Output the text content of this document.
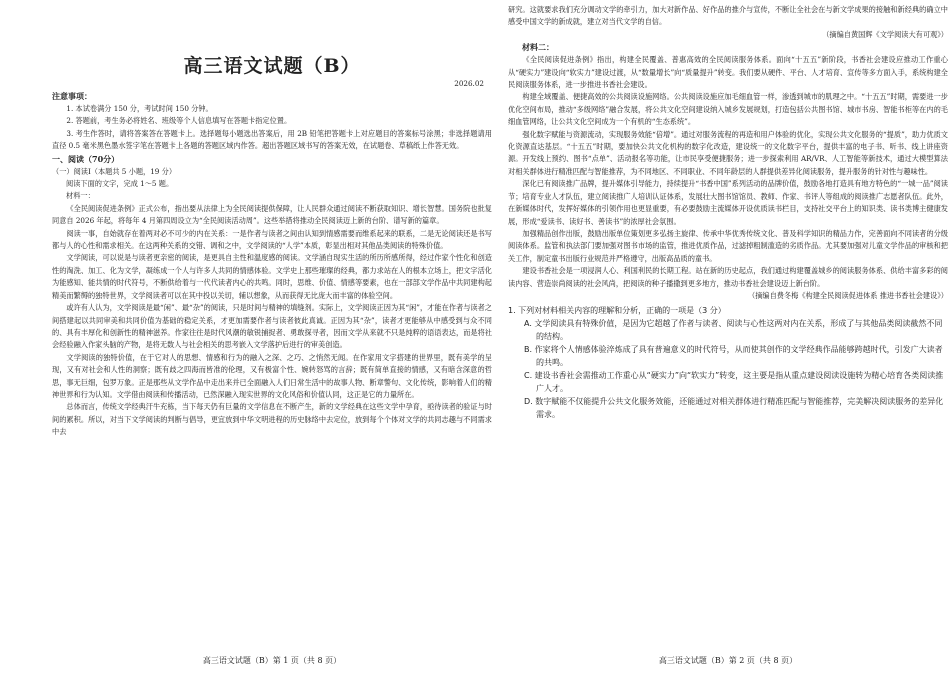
高三语文试题（B）

2026.02

注意事项：

1. 本试卷满分 150 分，考试时间 150 分钟。

2. 答题前，考生务必将姓名、班级等个人信息填写在答题卡指定位置。

3. 考生作答时，请将答案答在答题卡上。选择题每小题选出答案后，用 2B 铅笔把答题卡上对应题目的答案标号涂黑；非选择题请用直径 0.5 毫米黑色墨水签字笔在答题卡上各题的答题区域内作答。超出答题区域书写的答案无效，在试题卷、草稿纸上作答无效。

一、阅读（70分）

（一）阅读Ⅰ（本题共 5 小题，19 分）

阅读下面的文字，完成 1～5 题。

材料一：

《全民阅读促进条例》正式公布，指出要从法律上为全民阅读提供保障，让人民群众通过阅读不断获取知识、增长智慧。国务院也批复同意自 2026 年起，将每年 4 月第四周设立为“全民阅读活动周”。这些举措将推动全民阅读迈上新的台阶、谱写新的篇章。

阅读一事，自始就存在着两对必不可少的内在关系：一是作者与读者之间由认知到情感需要而维系起来的联系，二是无论阅读还是书写都与人的心性和需求相关。在这两种关系的交错、调和之中，文学阅读的“人学”本质，彰显出相对其他品类阅读的特殊价值。

文学阅读，可以说是与读者更亲密的阅读，是更具自主性和温度感的阅读。文学涵自现实生活的所历所感所得，经过作家个性化和创造性的淘洗、加工、化为文学，凝练成一个人与许多人共同的情感体验。文学史上那些璀璨的经典，都力求站在人的根本立场上，把文字活化为能感知、能共情的时代符号，不断供给着与一代代读者内心的共鸣。同时，思维、价值、情感等要素，也在一部部文学作品中共同建构起精美而繁缛的独特世界，文学阅读者可以在其中投以关切，辅以想象，从而获得无比庞大而丰富的体验空间。

或许有人认为，文学阅读是最“闲”、最“杂”的阅读，只是时间与精神的填缝剂。实际上，文学阅读正因为其“闲”，才能在作者与读者之间搭建起以共同审美和共同价值为基础的稳定关系，才更加需要作者与读者彼此真诚。正因为其“杂”，读者才更能够从中感受到与众不同的、具有丰厚化和创新性的精神滋养。作家往往是时代风潮的敏锐捕捉者、勇敢探寻者，因而文学从来就不只是纯粹的语语表达，而是将社会经验融入作家头脑的产物，是将无数人与社会相关的思考嵌入文学落护后进行的审美创造。

文学阅读的独特价值，在于它对人的思想、情感和行为的融入之深、之巧、之悄然无闻。在作家用文字搭建的世界里，既有美学的呈现，又有对社会和人性的洞察；既有歧之四海而皆准的伦理，又有极富个性、婉转怒骂的言辞；既有简单直接的情感，又有暗含深意的哲思，事无巨细，包罗万象。正是那些从文学作品中走出来并已全面融入人们日常生活中的故事人物、断章警句、文化传统，影响着人们的精神世界和行为认知。文学借由阅读和传播活动，已然深融入现实世界的文化风俗和价值认同，这正是它的力量所在。

总体而言，传统文学经典汗牛充栋，当下每天仍有巨量的文学信息在不断产生，新的文学经典在这些文学中孕育，亟待读者的验证与时间的累积。所以，对当下文学阅读的判断与倡导，更宜放到中华文明进程的历史脉络中去定位，放到每个个体对文学的共同志趣与不同需求中去

高三语文试题（B）第 1 页（共 8 页）

研究。这就要求我们充分调动文学的牵引力，加大对新作品、好作品的推介与宣传，不断让全社会在与新文学成果的接触和新经典的确立中感受中国文学的新成就，建立对当代文学的自信。

（摘编自黄国辉《文学阅读大有可观》）

材料二：

《全民阅读促进条例》指出，构建全民覆盖、普惠高效的全民阅读服务体系。面向“十五五”新阶段，书香社会建设应推动工作重心从“硬实力”建设向“软实力”建设过渡，从“数量增长”向“质量提升”转变。我们要从硬件、平台、人才培育、宣传等多方面入手，系统构建全民阅读服务体系，进一步推进书香社会建设。

构建全域覆盖、便捷高效的公共阅读设施网络。公共阅读设施应加毛细血管一样，渗透到城市的肌理之中。“十五五”时期，需要进一步优化空间布局，推动“多级网络”融合发展，将公共文化空间建设纳入城乡发展规划，打造包括公共图书馆、城市书房、智能书柜等在内的毛细血管网络，让公共文化空间成为一个有机的“生态系统”。

强化数字赋能与资源流动，实现服务效能“倍增”。通过对服务流程的再造和用户体验的优化，实现公共文化服务的“提质”，助力优质文化资源直达基层。“十五五”时期，要加快公共文化机构的数字化改造，建设统一的文化数字平台，提供丰富的电子书、听书、线上讲座资源。开发线上预约、图书“点单”、活动报名等功能，让市民享受便捷服务；进一步探索利用 AR/VR、人工智能等新技术，通过大模型算法对相关群体进行精准匹配与智能推荐，为不同地区、不同职业、不同年龄层的人群提供差异化阅读服务，提升服务的针对性与趣味性。

深化已有阅读推广品牌，提升媒体引导能力，持续提升“书香中国”系列活动的品牌价值，鼓励各地打造具有地方特色的“一城一品”阅读节；培育专业人才队伍，建立阅读推广人培训认证体系，发展壮大图书馆馆员、教师、作家、书评人等组成的阅读推广志愿者队伍。此外，在新媒体时代，发挥好媒体的引领作用也更显重要，有必要鼓励主流媒体开设优质读书栏目，支持社交平台上的知识类、读书类博主健康发展，形成“爱读书、读好书、善读书”的浓厚社会氛围。

加强精品创作出版，鼓励出版单位策划更多弘扬主旋律、传承中华优秀传统文化、普及科学知识的精品力作，完善面向不同读者的分级阅读体系。监管和执法部门要加强对图书市场的监管，推进优质作品，过滤掉粗制滥造的劣质作品。尤其要加强对儿童文学作品的审核和把关工作，制定童书出版行业规范并严格遵守，出版高品质的童书。

建设书香社会是一项浸润人心、利国利民的长期工程。站在新的历史起点，我们通过构建覆盖城乡的阅读服务体系、供给丰富多彩的阅读内容、营造崇尚阅读的社会风尚，把阅读的种子播撒到更多地方，推动书香社会建设迈上新台阶。

（摘编自费冬梅《构建全民阅读促进体系 推进书香社会建设》）

1. 下列对材料相关内容的理解和分析，正确的一项是（3 分）

A. 文学阅读具有特殊价值，是因为它超越了作者与读者、阅读与心性这两对内在关系，形成了与其他品类阅读截然不同的结构。

B. 作家将个人情感体验淬炼成了具有普遍意义的时代符号，从而使其创作的文学经典作品能够跨越时代，引发广大读者的共鸣。

C. 建设书香社会需推动工作重心从“硬实力”向“软实力”转变，这主要是指从重点建设阅读设施转为精心培育各类阅读推广人才。

D. 数字赋能不仅能提升公共文化服务效能，还能通过对相关群体进行精准匹配与智能推荐，完美解决阅读服务的差异化需求。

高三语文试题（B）第 2 页（共 8 页）
